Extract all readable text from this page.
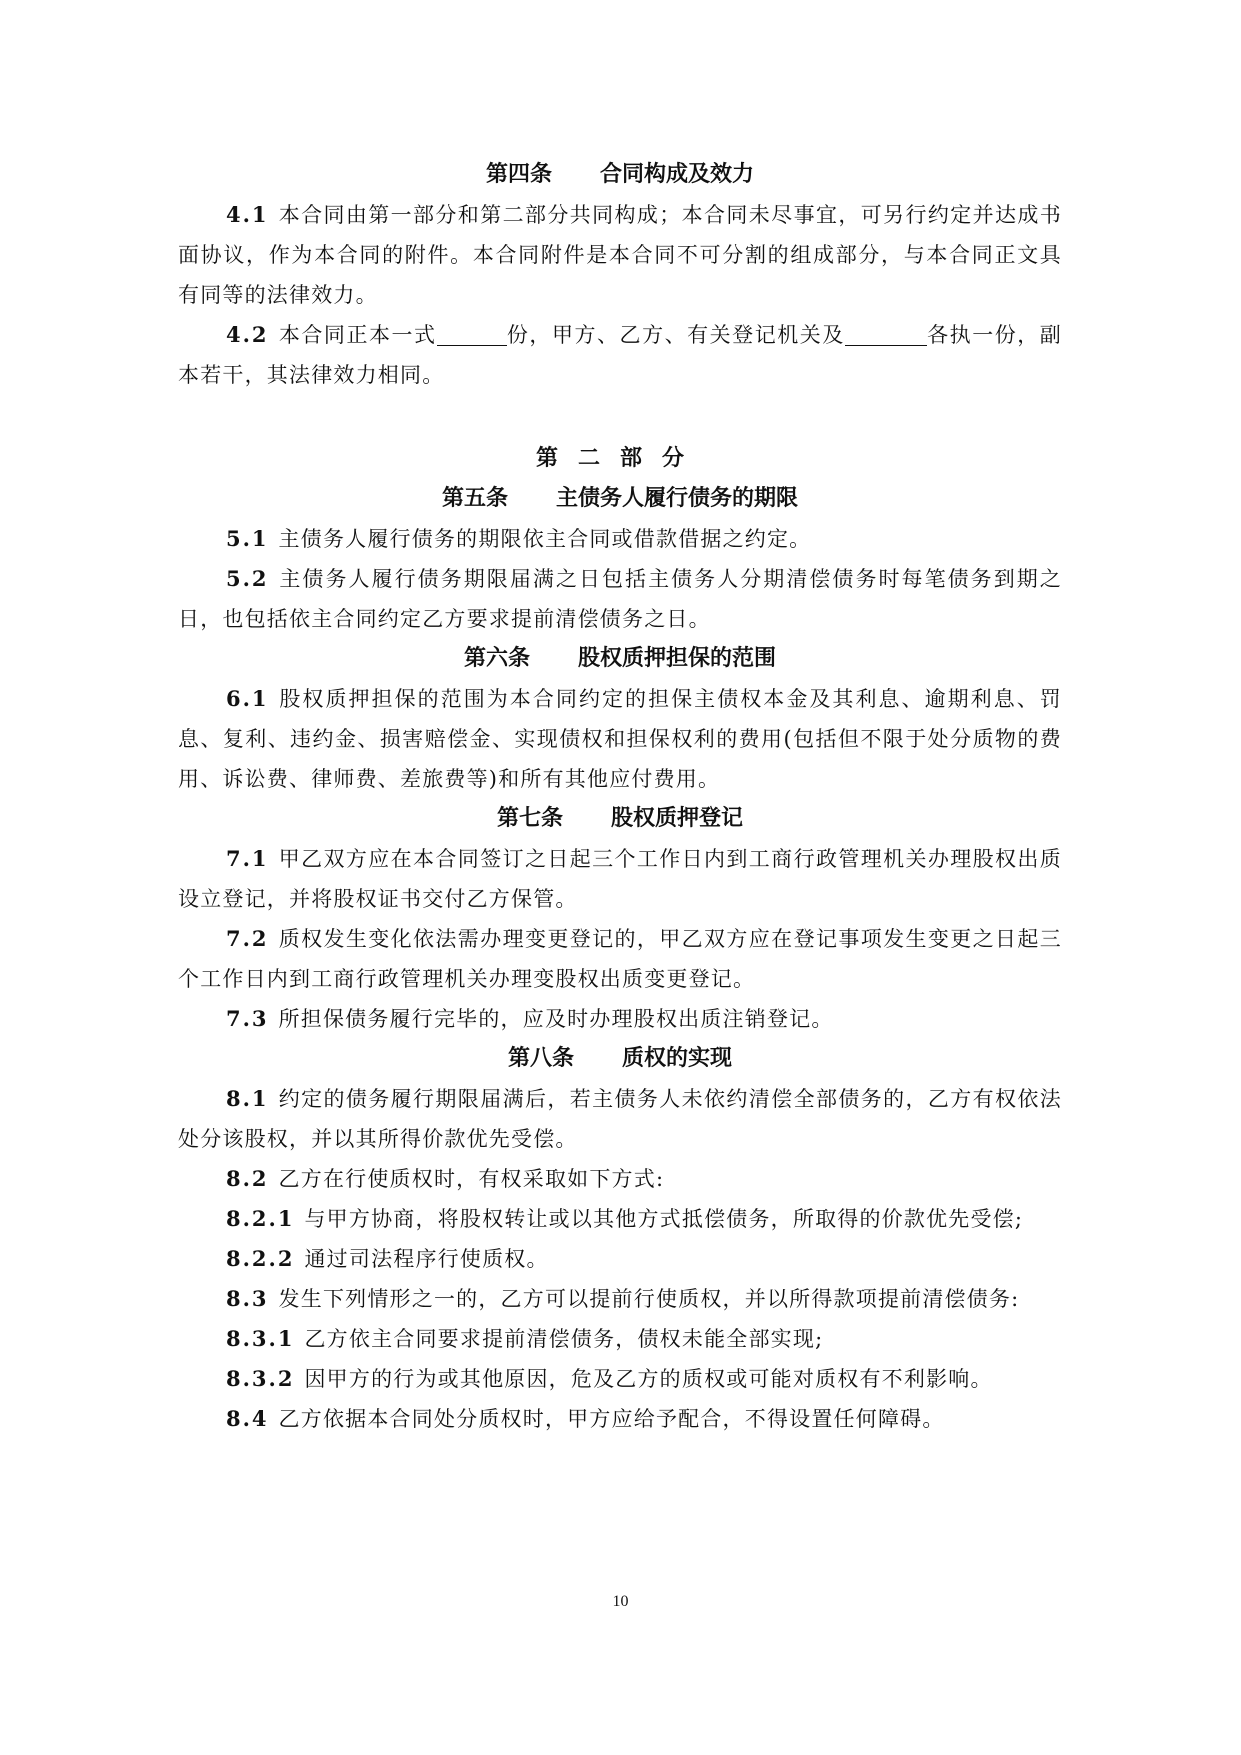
第四条 合同构成及效力

4.1 本合同由第一部分和第二部分共同构成；本合同未尽事宜，可另行约定并达成书面协议，作为本合同的附件。本合同附件是本合同不可分割的组成部分，与本合同正文具有同等的法律效力。

4.2 本合同正本一式	份，甲方、乙方、有关登记机关及	各执一份，副本若干，其法律效力相同。

第二部分
第五条 主债务人履行债务的期限

5.1 主债务人履行债务的期限依主合同或借款借据之约定。

5.2 主债务人履行债务期限届满之日包括主债务人分期清偿债务时每笔债务到期之日，也包括依主合同约定乙方要求提前清偿债务之日。

第六条 股权质押担保的范围

6.1 股权质押担保的范围为本合同约定的担保主债权本金及其利息、逾期利息、罚息、复利、违约金、损害赔偿金、实现债权和担保权利的费用(包括但不限于处分质物的费用、诉讼费、律师费、差旅费等)和所有其他应付费用。

第七条 股权质押登记

7.1 甲乙双方应在本合同签订之日起三个工作日内到工商行政管理机关办理股权出质设立登记，并将股权证书交付乙方保管。

7.2 质权发生变化依法需办理变更登记的，甲乙双方应在登记事项发生变更之日起三个工作日内到工商行政管理机关办理变股权出质变更登记。

7.3 所担保债务履行完毕的，应及时办理股权出质注销登记。

第八条 质权的实现

8.1 约定的债务履行期限届满后，若主债务人未依约清偿全部债务的，乙方有权依法处分该股权，并以其所得价款优先受偿。

8.2 乙方在行使质权时，有权采取如下方式:

8.2.1 与甲方协商，将股权转让或以其他方式抵偿债务，所取得的价款优先受偿;

8.2.2 通过司法程序行使质权。

8.3 发生下列情形之一的，乙方可以提前行使质权，并以所得款项提前清偿债务:

8.3.1 乙方依主合同要求提前清偿债务，债权未能全部实现;

8.3.2 因甲方的行为或其他原因，危及乙方的质权或可能对质权有不利影响。

8.4 乙方依据本合同处分质权时，甲方应给予配合，不得设置任何障碍。

10
